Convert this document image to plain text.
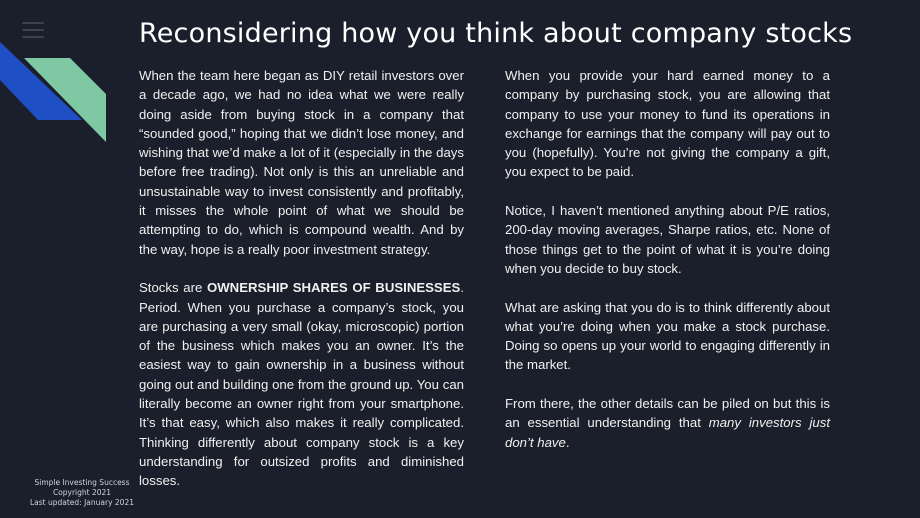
Reconsidering how you think about company stocks

When the team here began as DIY retail investors over a decade ago, we had no idea what we were really doing aside from buying stock in a company that “sounded good,” hoping that we didn’t lose money, and wishing that we’d make a lot of it (especially in the days before free trading). Not only is this an unreliable and unsustainable way to invest consistently and profitably, it misses the whole point of what we should be attempting to do, which is compound wealth. And by the way, hope is a really poor investment strategy.

Stocks are OWNERSHIP SHARES OF BUSINESSES. Period. When you purchase a company’s stock, you are purchasing a very small (okay, microscopic) portion of the business which makes you an owner. It’s the easiest way to gain ownership in a business without going out and building one from the ground up. You can literally become an owner right from your smartphone. It’s that easy, which also makes it really complicated. Thinking differently about company stock is a key understanding for outsized profits and diminished losses.

When you provide your hard earned money to a company by purchasing stock, you are allowing that company to use your money to fund its operations in exchange for earnings that the company will pay out to you (hopefully). You’re not giving the company a gift, you expect to be paid.

Notice, I haven’t mentioned anything about P/E ratios, 200-day moving averages, Sharpe ratios, etc. None of those things get to the point of what it is you’re doing when you decide to buy stock.

What are asking that you do is to think differently about what you’re doing when you make a stock purchase. Doing so opens up your world to engaging differently in the market.

From there, the other details can be piled on but this is an essential understanding that many investors just don’t have.

Simple Investing Success
Copyright 2021
Last updated: January 2021
